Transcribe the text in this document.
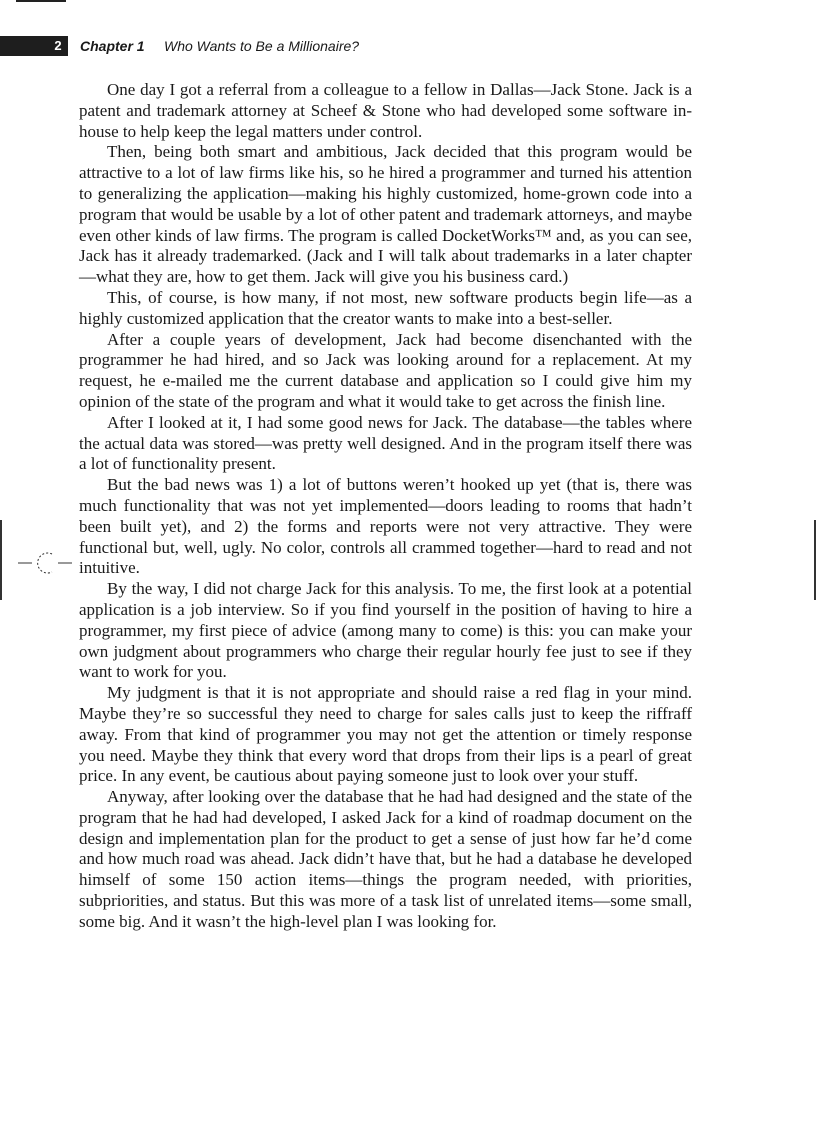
2	Chapter 1 Who Wants to Be a Millionaire?

One day I got a referral from a colleague to a fellow in Dallas—Jack Stone. Jack is a patent and trademark attorney at Scheef & Stone who had developed some software in-house to help keep the legal matters under control.

Then, being both smart and ambitious, Jack decided that this program would be attractive to a lot of law firms like his, so he hired a programmer and turned his attention to generalizing the application—making his highly customized, home-grown code into a program that would be usable by a lot of other patent and trademark attorneys, and maybe even other kinds of law firms. The program is called DocketWorks™ and, as you can see, Jack has it already trademarked. (Jack and I will talk about trademarks in a later chapter—what they are, how to get them. Jack will give you his business card.)

This, of course, is how many, if not most, new software products begin life—as a highly customized application that the creator wants to make into a best-seller.

After a couple years of development, Jack had become disenchanted with the programmer he had hired, and so Jack was looking around for a replacement. At my request, he e-mailed me the current database and application so I could give him my opinion of the state of the program and what it would take to get across the finish line.

After I looked at it, I had some good news for Jack. The database—the tables where the actual data was stored—was pretty well designed. And in the program itself there was a lot of functionality present.

But the bad news was 1) a lot of buttons weren’t hooked up yet (that is, there was much functionality that was not yet implemented—doors leading to rooms that hadn’t been built yet), and 2) the forms and reports were not very attractive. They were functional but, well, ugly. No color, controls all crammed together—hard to read and not intuitive.

By the way, I did not charge Jack for this analysis. To me, the first look at a potential application is a job interview. So if you find yourself in the position of having to hire a programmer, my first piece of advice (among many to come) is this: you can make your own judgment about programmers who charge their regular hourly fee just to see if they want to work for you.

My judgment is that it is not appropriate and should raise a red flag in your mind. Maybe they’re so successful they need to charge for sales calls just to keep the riffraff away. From that kind of programmer you may not get the attention or timely response you need. Maybe they think that every word that drops from their lips is a pearl of great price. In any event, be cautious about paying someone just to look over your stuff.

Anyway, after looking over the database that he had had designed and the state of the program that he had had developed, I asked Jack for a kind of roadmap document on the design and implementation plan for the product to get a sense of just how far he’d come and how much road was ahead. Jack didn’t have that, but he had a database he developed himself of some 150 action items—things the program needed, with priorities, subpriorities, and status. But this was more of a task list of unrelated items—some small, some big. And it wasn’t the high-level plan I was looking for.
